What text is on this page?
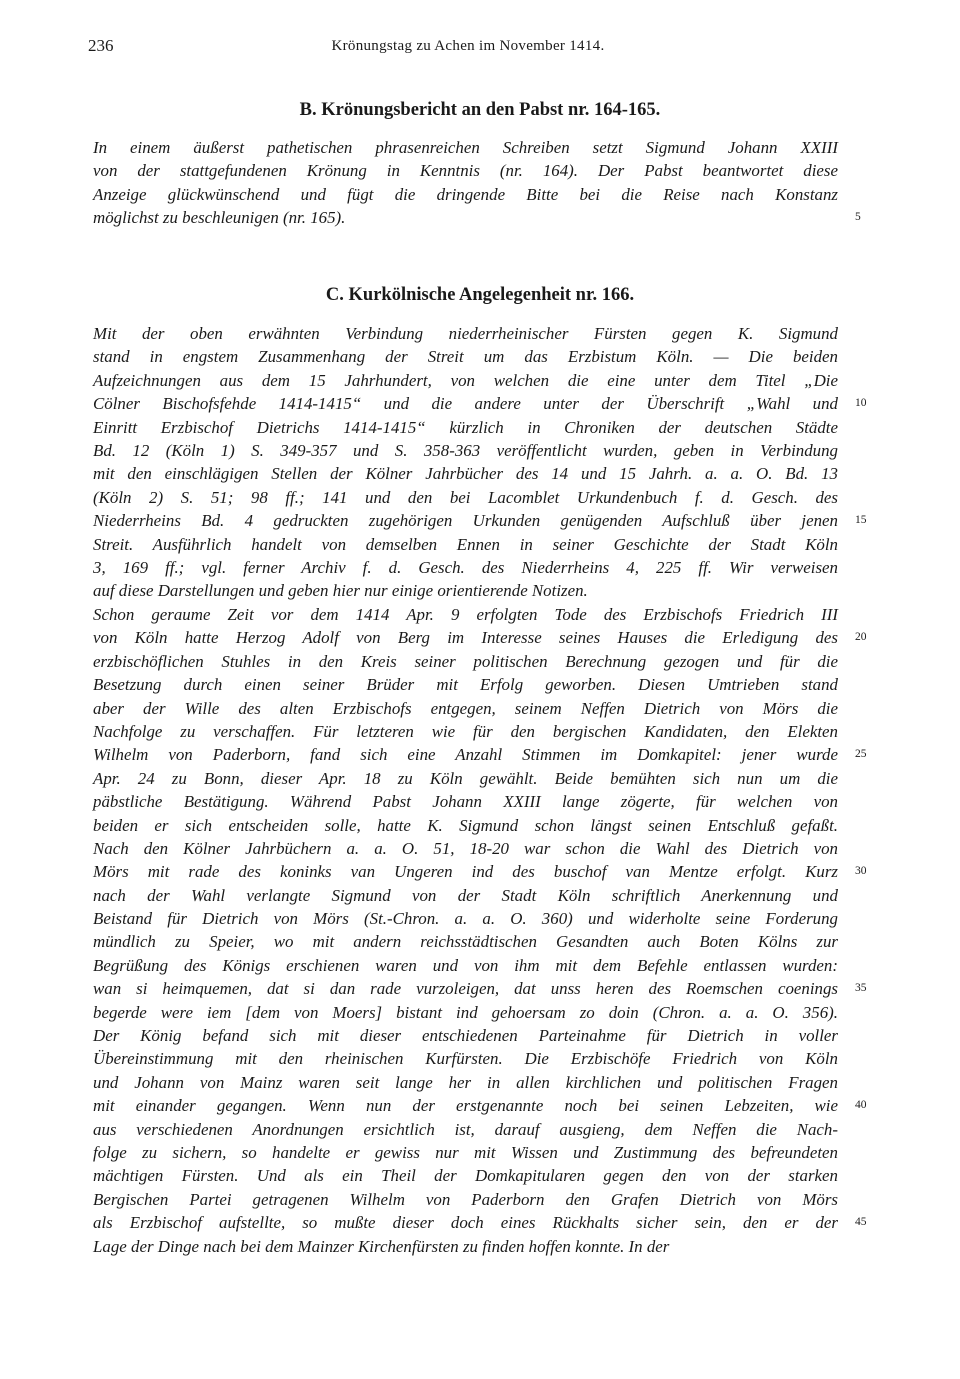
236	Krönungstag zu Achen im November 1414.
B. Krönungsbericht an den Pabst nr. 164-165.
In einem äußerst pathetischen phrasenreichen Schreiben setzt Sigmund Johann XXIII
von der stattgefundenen Krönung in Kenntnis (nr. 164). Der Pabst beantwortet diese
Anzeige glückwünschend und fügt die dringende Bitte bei die Reise nach Konstanz
möglichst zu beschleunigen (nr. 165).
C. Kurkölnische Angelegenheit nr. 166.
Mit der oben erwähnten Verbindung niederrheinischer Fürsten gegen K. Sigmund
stand in engstem Zusammenhang der Streit um das Erzbistum Köln. — Die beiden
Aufzeichnungen aus dem 15 Jahrhundert, von welchen die eine unter dem Titel „Die
Cölner Bischofsfehde 1414-1415“ und die andere unter der Überschrift „Wahl und
Einritt Erzbischof Dietrichs 1414-1415“ kürzlich in Chroniken der deutschen Städte
Bd. 12 (Köln 1) S. 349-357 und S. 358-363 veröffentlicht wurden, geben in Verbindung
mit den einschlägigen Stellen der Kölner Jahrbücher des 14 und 15 Jahrh. a. a. O. Bd. 13
(Köln 2) S. 51; 98 ff.; 141 und den bei Lacomblet Urkundenbuch f. d. Gesch. des
Niederrheins Bd. 4 gedruckten zugehörigen Urkunden genügenden Aufschluß über jenen
Streit. Ausführlich handelt von demselben Ennen in seiner Geschichte der Stadt Köln
3, 169 ff.; vgl. ferner Archiv f. d. Gesch. des Niederrheins 4, 225 ff. Wir verweisen
auf diese Darstellungen und geben hier nur einige orientierende Notizen.
Schon geraume Zeit vor dem 1414 Apr. 9 erfolgten Tode des Erzbischofs Friedrich III
von Köln hatte Herzog Adolf von Berg im Interesse seines Hauses die Erledigung des
erzbischöflichen Stuhles in den Kreis seiner politischen Berechnung gezogen und für die
Besetzung durch einen seiner Brüder mit Erfolg geworben. Diesen Umtrieben stand
aber der Wille des alten Erzbischofs entgegen, seinem Neffen Dietrich von Mörs die
Nachfolge zu verschaffen. Für letzteren wie für den bergischen Kandidaten, den Elekten
Wilhelm von Paderborn, fand sich eine Anzahl Stimmen im Domkapitel: jener wurde
Apr. 24 zu Bonn, dieser Apr. 18 zu Köln gewählt. Beide bemühten sich nun um die
päbstliche Bestätigung. Während Pabst Johann XXIII lange zögerte, für welchen von
beiden er sich entscheiden solle, hatte K. Sigmund schon längst seinen Entschluß gefaßt.
Nach den Kölner Jahrbüchern a. a. O. 51, 18-20 war schon die Wahl des Dietrich von
Mörs mit rade des koninks van Ungeren ind des buschof van Mentze erfolgt. Kurz
nach der Wahl verlangte Sigmund von der Stadt Köln schriftlich Anerkennung und
Beistand für Dietrich von Mörs (St.-Chron. a. a. O. 360) und widerholte seine Forderung
mündlich zu Speier, wo mit andern reichsstädtischen Gesandten auch Boten Kölns zur
Begrüßung des Königs erschienen waren und von ihm mit dem Befehle entlassen wurden:
wan si heimquemen, dat si dan rade vurzoleigen, dat unss heren des Roemschen coenings
begerde were iem [dem von Moers] bistant ind gehoersam zo doin (Chron. a. a. O. 356).
Der König befand sich mit dieser entschiedenen Parteinahme für Dietrich in voller
Übereinstimmung mit den rheinischen Kurfürsten. Die Erzbischöfe Friedrich von Köln
und Johann von Mainz waren seit lange her in allen kirchlichen und politischen Fragen
mit einander gegangen. Wenn nun der erstgenannte noch bei seinen Lebzeiten, wie
aus verschiedenen Anordnungen ersichtlich ist, darauf ausgieng, dem Neffen die Nach-
folge zu sichern, so handelte er gewiss nur mit Wissen und Zustimmung des befreundeten
mächtigen Fürsten. Und als ein Theil der Domkapitularen gegen den von der starken
Bergischen Partei getragenen Wilhelm von Paderborn den Grafen Dietrich von Mörs
als Erzbischof aufstellte, so mußte dieser doch eines Rückhalts sicher sein, den er der
Lage der Dinge nach bei dem Mainzer Kirchenfürsten zu finden hoffen konnte. In der
5
10
15
20
25
30
35
40
45
